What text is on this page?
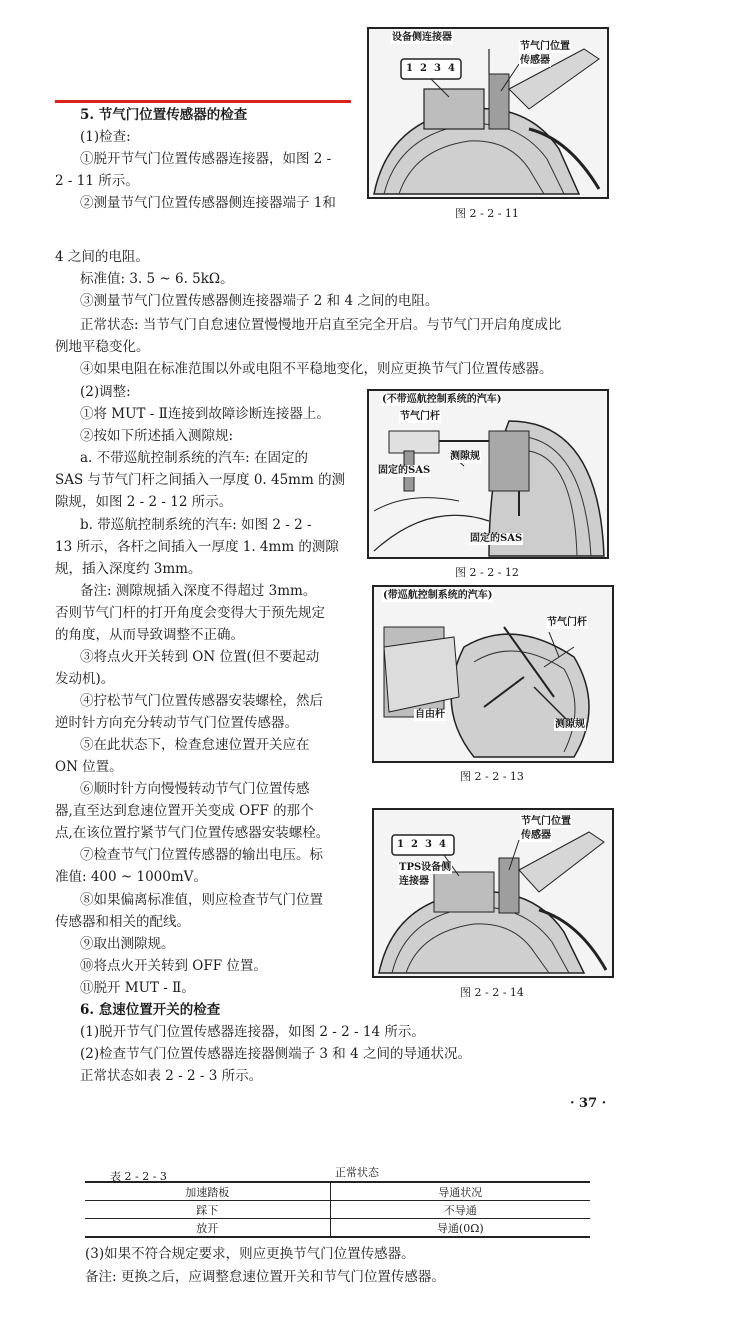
5. 节气门位置传感器的检查
(1)检查:
①脱开节气门位置传感器连接器，如图 2 -
2 - 11 所示。
②测量节气门位置传感器侧连接器端子 1和
4 之间的电阻。
标准值: 3. 5 ~ 6. 5kΩ。
③测量节气门位置传感器侧连接器端子 2 和 4 之间的电阻。
正常状态: 当节气门自怠速位置慢慢地开启直至完全开启。与节气门开启角度成比
例地平稳变化。
④如果电阻在标准范围以外或电阻不平稳地变化，则应更换节气门位置传感器。
(2)调整:
①将 MUT - Ⅱ连接到故障诊断连接器上。
②按如下所述插入测隙规:
a. 不带巡航控制系统的汽车: 在固定的
SAS 与节气门杆之间插入一厚度 0. 45mm 的测
隙规，如图 2 - 2 - 12 所示。
b. 带巡航控制系统的汽车: 如图 2 - 2 -
13 所示，各杆之间插入一厚度 1. 4mm 的测隙
规，插入深度约 3mm。
备注: 测隙规插入深度不得超过 3mm。
否则节气门杆的打开角度会变得大于预先规定
的角度，从而导致调整不正确。
③将点火开关转到 ON 位置(但不要起动
发动机)。
④拧松节气门位置传感器安装螺栓，然后
逆时针方向充分转动节气门位置传感器。
⑤在此状态下，检查怠速位置开关应在
ON 位置。
⑥顺时针方向慢慢转动节气门位置传感
器,直至达到怠速位置开关变成 OFF 的那个
点,在该位置拧紧节气门位置传感器安装螺栓。
⑦检查节气门位置传感器的输出电压。标
准值: 400 ~ 1000mV。
⑧如果偏离标准值，则应检查节气门位置
传感器和相关的配线。
⑨取出测隙规。
⑩将点火开关转到 OFF 位置。
⑪脱开 MUT - Ⅱ。
6. 怠速位置开关的检查
(1)脱开节气门位置传感器连接器，如图 2 - 2 - 14 所示。
(2)检查节气门位置传感器连接器侧端子 3 和 4 之间的导通状况。
正常状态如表 2 - 2 - 3 所示。
· 37 ·
设备侧连接器
1 2 3 4
节气门位置
传感器
图 2 - 2 - 11
(不带巡航控制系统的汽车)
节气门杆
测隙规
固定的SAS
固定的SAS
图 2 - 2 - 12
(带巡航控制系统的汽车)
节气门杆
自由杆
测隙规
图 2 - 2 - 13
1 2 3 4
节气门位置
传感器
TPS设备侧
连接器
图 2 - 2 - 14
表 2 - 2 - 3	正常状态
加速踏板	导通状况
踩下	不导通
放开	导通(0Ω)
(3)如果不符合规定要求，则应更换节气门位置传感器。
备注: 更换之后，应调整怠速位置开关和节气门位置传感器。
